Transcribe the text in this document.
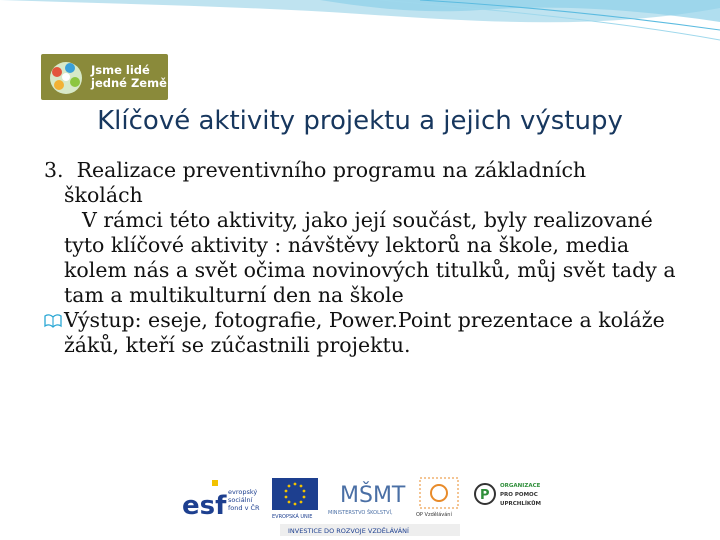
Jsme lidé
jedné Země
Klíčové aktivity projektu a jejich výstupy

3. Realizace preventivního programu na základních
školách

V rámci této aktivity, jako její součást, byly realizované tyto klíčové aktivity : návštěvy lektorů na škole, media kolem nás a svět očima novinových titulků, můj svět tady a tam a multikulturní den na škole

Výstup: eseje, fotografie, Power.Point prezentace a koláže žáků, kteří se zúčastnili projektu.

esf evropský
sociální
fond v ČR
EVROPSKÁ UNIE
MŠMT
MINISTERSTVO ŠKOLSTVÍ,	OP Vzdělávání
P
ORGANIZACE
PRO POMOC
UPRCHLÍKŮM
INVESTICE DO ROZVOJE VZDĚLÁVÁNÍ
